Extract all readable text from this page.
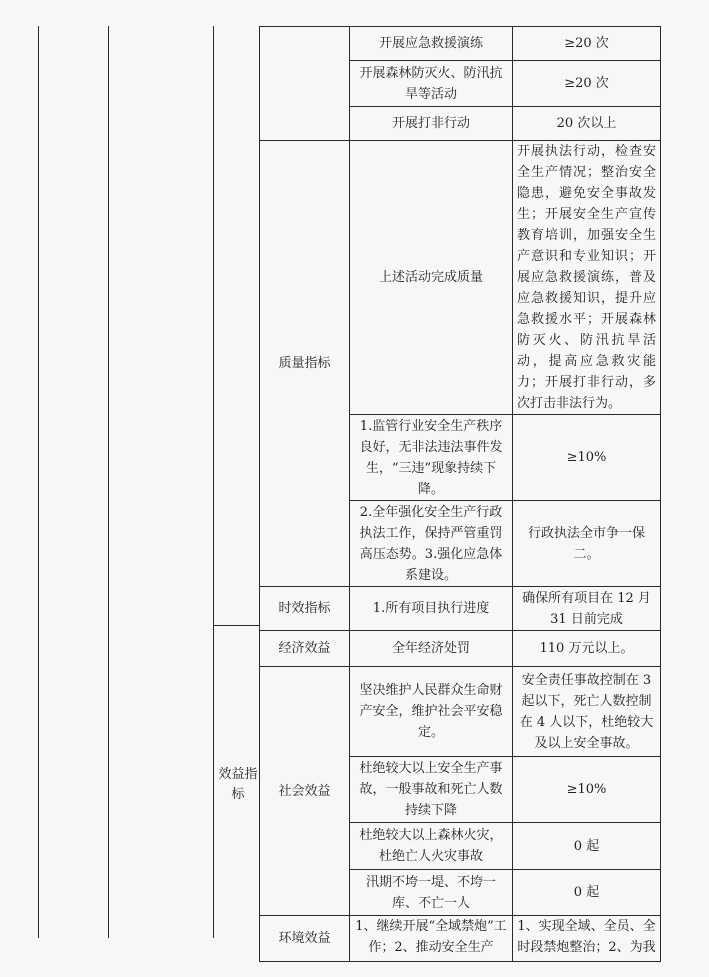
效益指标
	开展应急救援演练	≥20 次
	开展森林防灭火、防汛抗旱等活动	≥20 次
	开展打非行动	20 次以上
质量指标	上述活动完成质量	开展执法行动，检查安全生产情况；整治安全隐患，避免安全事故发生；开展安全生产宣传教育培训，加强安全生产意识和专业知识；开展应急救援演练，普及应急救援知识，提升应急救援水平；开展森林防灭火、防汛抗旱活动，提高应急救灾能力；开展打非行动，多次打击非法行为。
	1.监管行业安全生产秩序良好，无非法违法事件发生，“三违”现象持续下降。	≥10%
	2.全年强化安全生产行政执法工作，保持严管重罚高压态势。3.强化应急体系建设。	行政执法全市争一保二。
时效指标	1.所有项目执行进度	确保所有项目在 12 月 31 日前完成
经济效益	全年经济处罚	110 万元以上。
社会效益	坚决维护人民群众生命财产安全，维护社会平安稳定。	安全责任事故控制在 3 起以下，死亡人数控制在 4 人以下，杜绝较大及以上安全事故。
	杜绝较大以上安全生产事故，一般事故和死亡人数持续下降	≥10%
	杜绝较大以上森林火灾，杜绝亡人火灾事故	0 起
	汛期不垮一堤、不垮一库、不亡一人	0 起
环境效益	1、继续开展“全域禁炮”工作；2、推动安全生产	1、实现全域、全员、全时段禁炮整治；2、为我
